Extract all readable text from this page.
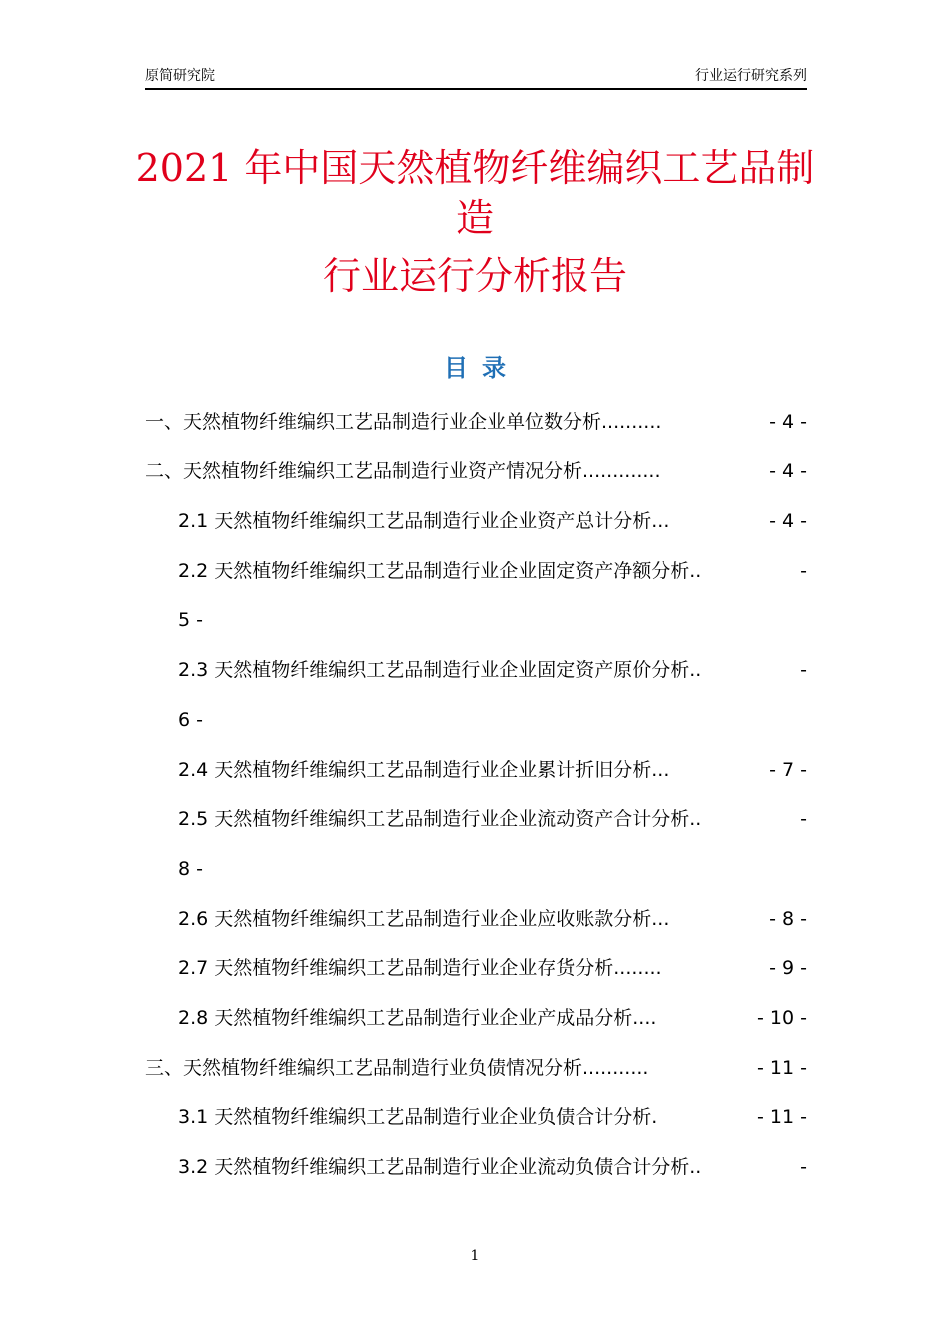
原简研究院	行业运行研究系列
2021 年中国天然植物纤维编织工艺品制
造
行业运行分析报告
目录

一、天然植物纤维编织工艺品制造行业企业单位数分析..........	- 4 -

二、天然植物纤维编织工艺品制造行业资产情况分析.............	- 4 -

2.1 天然植物纤维编织工艺品制造行业企业资产总计分析...	- 4 -

2.2 天然植物纤维编织工艺品制造行业企业固定资产净额分析..	-

5 -

2.3 天然植物纤维编织工艺品制造行业企业固定资产原价分析..	-

6 -

2.4 天然植物纤维编织工艺品制造行业企业累计折旧分析...	- 7 -

2.5 天然植物纤维编织工艺品制造行业企业流动资产合计分析..	-

8 -

2.6 天然植物纤维编织工艺品制造行业企业应收账款分析...	- 8 -

2.7 天然植物纤维编织工艺品制造行业企业存货分析........	- 9 -

2.8 天然植物纤维编织工艺品制造行业企业产成品分析....	- 10 -

三、天然植物纤维编织工艺品制造行业负债情况分析...........	- 11 -

3.1 天然植物纤维编织工艺品制造行业企业负债合计分析.	- 11 -

3.2 天然植物纤维编织工艺品制造行业企业流动负债合计分析..	-
1
